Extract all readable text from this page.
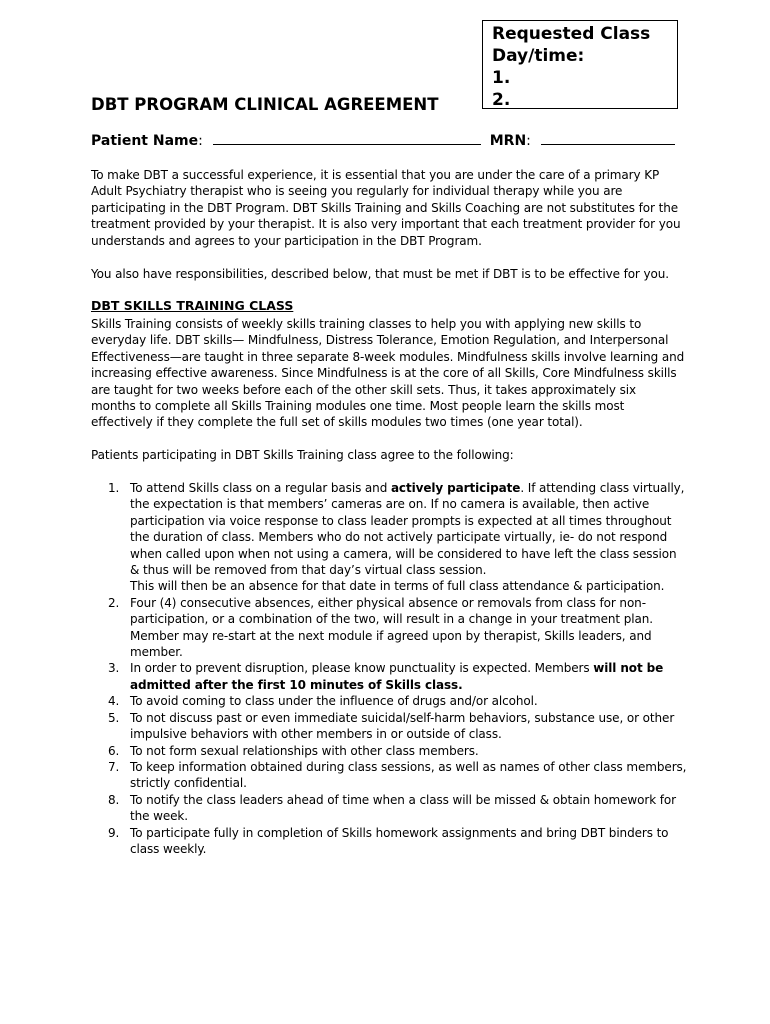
Requested Class
Day/time:
1.
2.
DBT PROGRAM CLINICAL AGREEMENT
Patient Name:	MRN:
To make DBT a successful experience, it is essential that you are under the care of a primary KP
Adult Psychiatry therapist who is seeing you regularly for individual therapy while you are
participating in the DBT Program. DBT Skills Training and Skills Coaching are not substitutes for the
treatment provided by your therapist. It is also very important that each treatment provider for you
understands and agrees to your participation in the DBT Program.
You also have responsibilities, described below, that must be met if DBT is to be effective for you.
DBT SKILLS TRAINING CLASS
Skills Training consists of weekly skills training classes to help you with applying new skills to
everyday life. DBT skills— Mindfulness, Distress Tolerance, Emotion Regulation, and Interpersonal
Effectiveness—are taught in three separate 8-week modules. Mindfulness skills involve learning and
increasing effective awareness. Since Mindfulness is at the core of all Skills, Core Mindfulness skills
are taught for two weeks before each of the other skill sets. Thus, it takes approximately six
months to complete all Skills Training modules one time. Most people learn the skills most
effectively if they complete the full set of skills modules two times (one year total).
Patients participating in DBT Skills Training class agree to the following:
1. To attend Skills class on a regular basis and actively participate. If attending class virtually,
the expectation is that members’ cameras are on. If no camera is available, then active
participation via voice response to class leader prompts is expected at all times throughout
the duration of class. Members who do not actively participate virtually, ie- do not respond
when called upon when not using a camera, will be considered to have left the class session
& thus will be removed from that day’s virtual class session.
This will then be an absence for that date in terms of full class attendance & participation.
2. Four (4) consecutive absences, either physical absence or removals from class for non-
participation, or a combination of the two, will result in a change in your treatment plan.
Member may re-start at the next module if agreed upon by therapist, Skills leaders, and
member.
3. In order to prevent disruption, please know punctuality is expected. Members will not be
admitted after the first 10 minutes of Skills class.
4. To avoid coming to class under the influence of drugs and/or alcohol.
5. To not discuss past or even immediate suicidal/self-harm behaviors, substance use, or other
impulsive behaviors with other members in or outside of class.
6. To not form sexual relationships with other class members.
7. To keep information obtained during class sessions, as well as names of other class members,
strictly confidential.
8. To notify the class leaders ahead of time when a class will be missed & obtain homework for
the week.
9. To participate fully in completion of Skills homework assignments and bring DBT binders to
class weekly.
